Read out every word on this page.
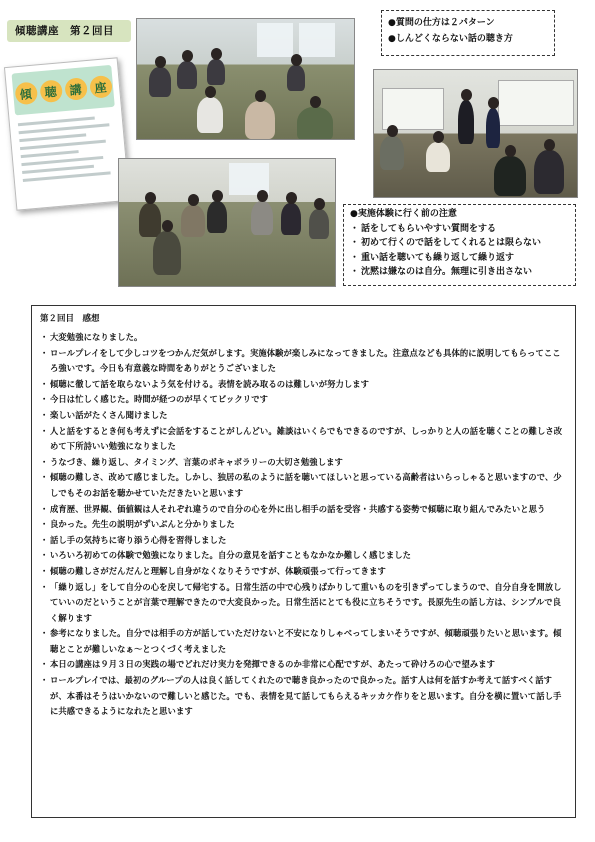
傾聴講座　第２回目
傾 聴 講 座
●質問の仕方は２パターン
●しんどくならない話の聴き方
●実施体験に行く前の注意
・ 話をしてもらいやすい質問をする
・ 初めて行くので話をしてくれるとは限らない
・ 重い話を聴いても繰り返して繰り返す
・ 沈黙は嫌なのは自分。無理に引き出さない
第２回目　感想
・ 大変勉強になりました。
・ ロールプレイをして少しコツをつかんだ気がします。実施体験が楽しみになってきました。注意点なども具体的に説明してもらってこころ強いです。今日も有意義な時間をありがとうございました
・ 傾聴に徹して話を取らないよう気を付ける。表情を読み取るのは難しいが努力します
・ 今日は忙しく感じた。時間が経つのが早くてビックリです
・ 楽しい話がたくさん聞けました
・ 人と話をするとき何も考えずに会話をすることがしんどい。雑談はいくらでもできるのですが、しっかりと人の話を聴くことの難しさ改めて下所詩いい勉強になりました
・ うなづき、繰り返し、タイミング、言葉のボキャボラリーの大切さ勉強します
・ 傾聴の難しさ、改めて感じました。しかし、独居の私のように話を聴いてほしいと思っている高齢者はいらっしゃると思いますので、少しでもそのお話を聴かせていただきたいと思います
・ 成育歴、世界観、価値観は人それぞれ違うので自分の心を外に出し相手の話を受容・共感する姿勢で傾聴に取り組んでみたいと思う
・ 良かった。先生の説明がずいぶんと分かりました
・ 話し手の気持ちに寄り添う心得を習得しました
・ いろいろ初めての体験で勉強になりました。自分の意見を話すこともなかなか難しく感じました
・ 傾聴の難しさがだんだんと理解し自身がなくなりそうですが、体験頑張って行ってきます
・ 「繰り返し」をして自分の心を戻して帰宅する。日常生活の中で心残りばかりして重いものを引きずってしまうので、自分自身を開放していいのだということが言葉で理解できたので大変良かった。日常生活にとても役に立ちそうです。長原先生の話し方は、シンプルで良く解ります
・ 参考になりました。自分では相手の方が話していただけないと不安になりしゃべってしまいそうですが、傾聴頑張りたいと思います。傾聴とことが難しいなぁ～とつくづく考えました
・ 本日の講座は９月３日の実践の場でどれだけ実力を発揮できるのか非常に心配ですが、あたって砕けろの心で望みます
・ ロールプレイでは、最初のグループの人は良く話してくれたので聴き良かったので良かった。話す人は何を話すか考えて話すべく話すが、本番はそうはいかないので難しいと感じた。でも、表情を見て話してもらえるキッカケ作りをと思います。自分を横に置いて話し手に共感できるようになれたと思います
